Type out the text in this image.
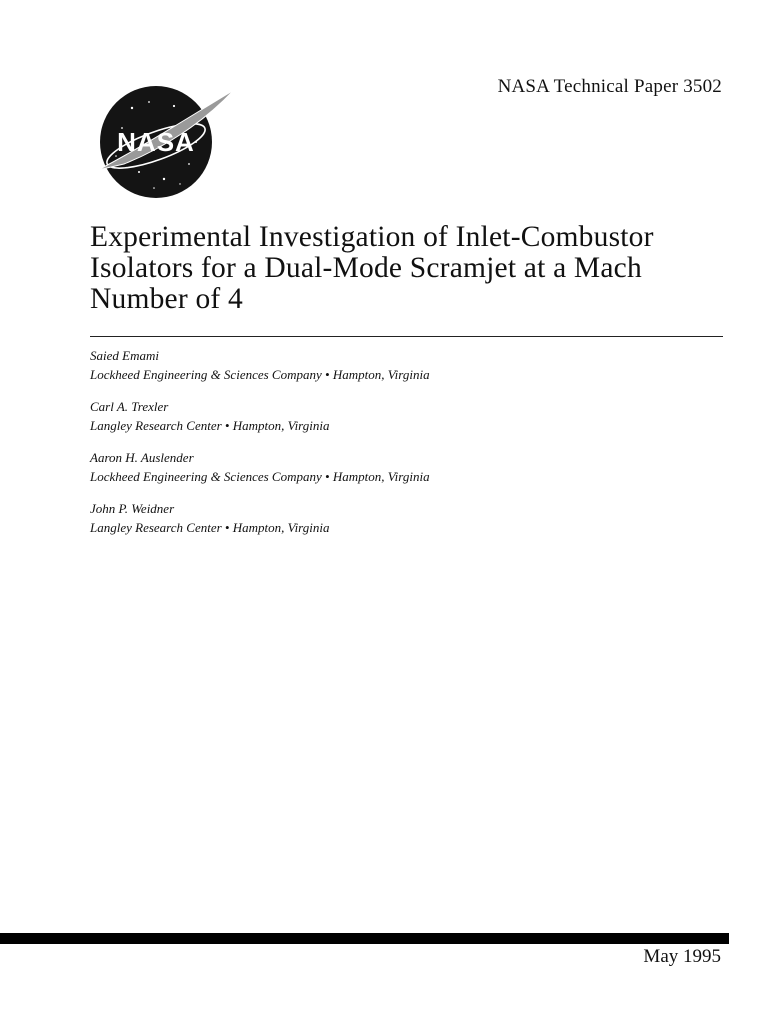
NASA
NASA Technical Paper 3502
Experimental Investigation of Inlet-Combustor
Isolators for a Dual-Mode Scramjet at a Mach
Number of 4
Saied Emami
Lockheed Engineering & Sciences Company • Hampton, Virginia
Carl A. Trexler
Langley Research Center • Hampton, Virginia
Aaron H. Auslender
Lockheed Engineering & Sciences Company • Hampton, Virginia
John P. Weidner
Langley Research Center • Hampton, Virginia
May 1995
